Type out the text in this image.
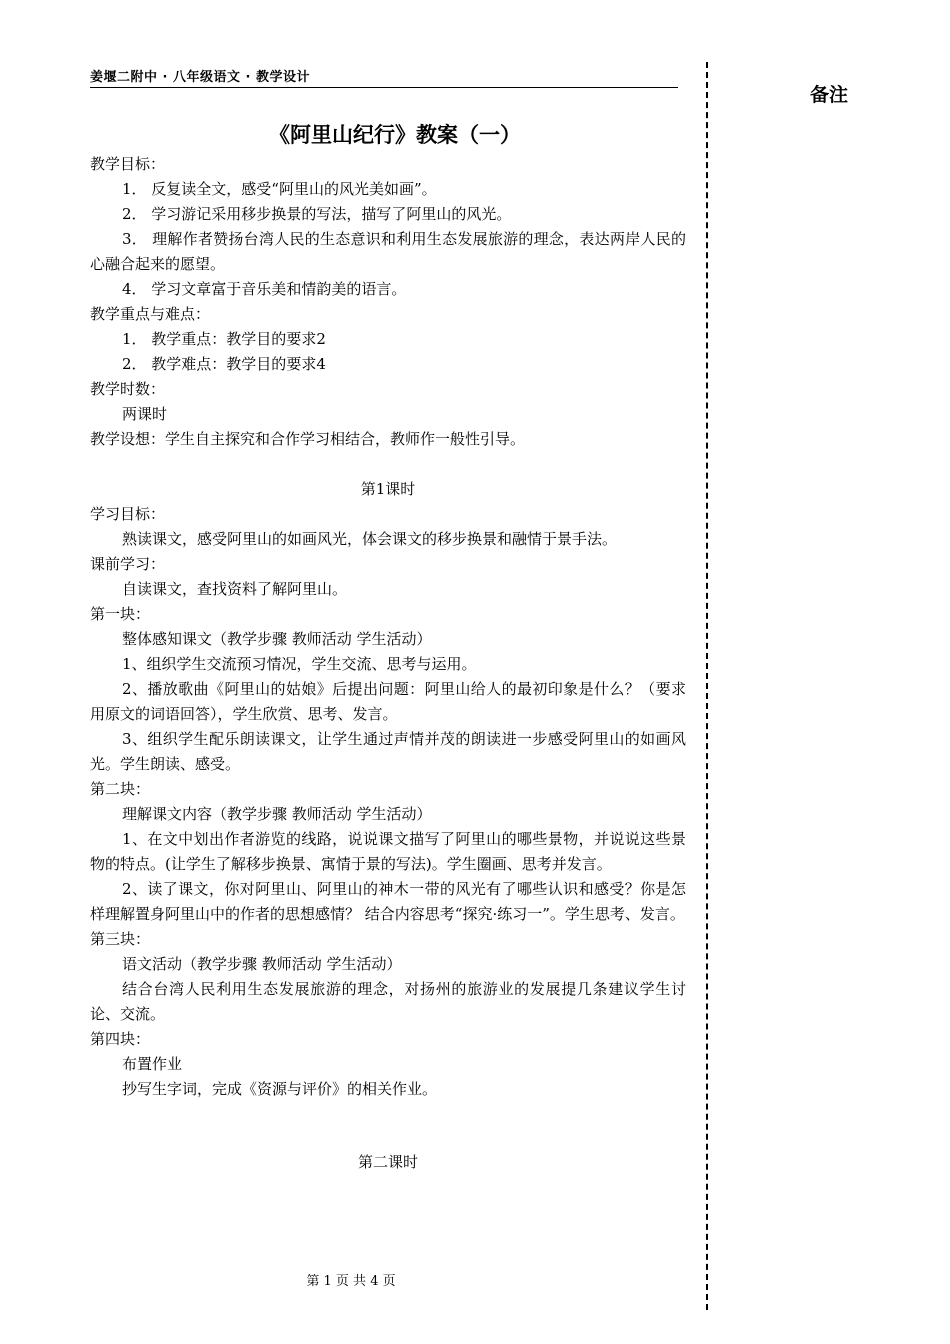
姜堰二附中 · 八年级语文 · 教学设计
备注
《阿里山纪行》教案（一）
教学目标：
1． 反复读全文，感受“阿里山的风光美如画”。
2． 学习游记采用移步换景的写法，描写了阿里山的风光。
3． 理解作者赞扬台湾人民的生态意识和利用生态发展旅游的理念，表达两岸人民的心融合起来的愿望。
4． 学习文章富于音乐美和情韵美的语言。
教学重点与难点：
1． 教学重点：教学目的要求2
2． 教学难点：教学目的要求4
教学时数：
两课时
教学设想：学生自主探究和合作学习相结合，教师作一般性引导。
第1课时
学习目标：
熟读课文，感受阿里山的如画风光，体会课文的移步换景和融情于景手法。
课前学习：
自读课文，查找资料了解阿里山。
第一块：
整体感知课文（教学步骤 教师活动 学生活动）
1、组织学生交流预习情况，学生交流、思考与运用。
2、播放歌曲《阿里山的姑娘》后提出问题：阿里山给人的最初印象是什么？（要求用原文的词语回答），学生欣赏、思考、发言。
3、组织学生配乐朗读课文，让学生通过声情并茂的朗读进一步感受阿里山的如画风光。学生朗读、感受。
第二块：
理解课文内容（教学步骤 教师活动 学生活动）
1、在文中划出作者游览的线路，说说课文描写了阿里山的哪些景物，并说说这些景物的特点。(让学生了解移步换景、寓情于景的写法)。学生圈画、思考并发言。
2、读了课文，你对阿里山、阿里山的神木一带的风光有了哪些认识和感受？你是怎样理解置身阿里山中的作者的思想感情？ 结合内容思考“探究·练习一”。学生思考、发言。
第三块：
语文活动（教学步骤 教师活动 学生活动）
结合台湾人民利用生态发展旅游的理念，对扬州的旅游业的发展提几条建议学生讨论、交流。
第四块：
布置作业
抄写生字词，完成《资源与评价》的相关作业。
第二课时
第 1 页 共 4 页
